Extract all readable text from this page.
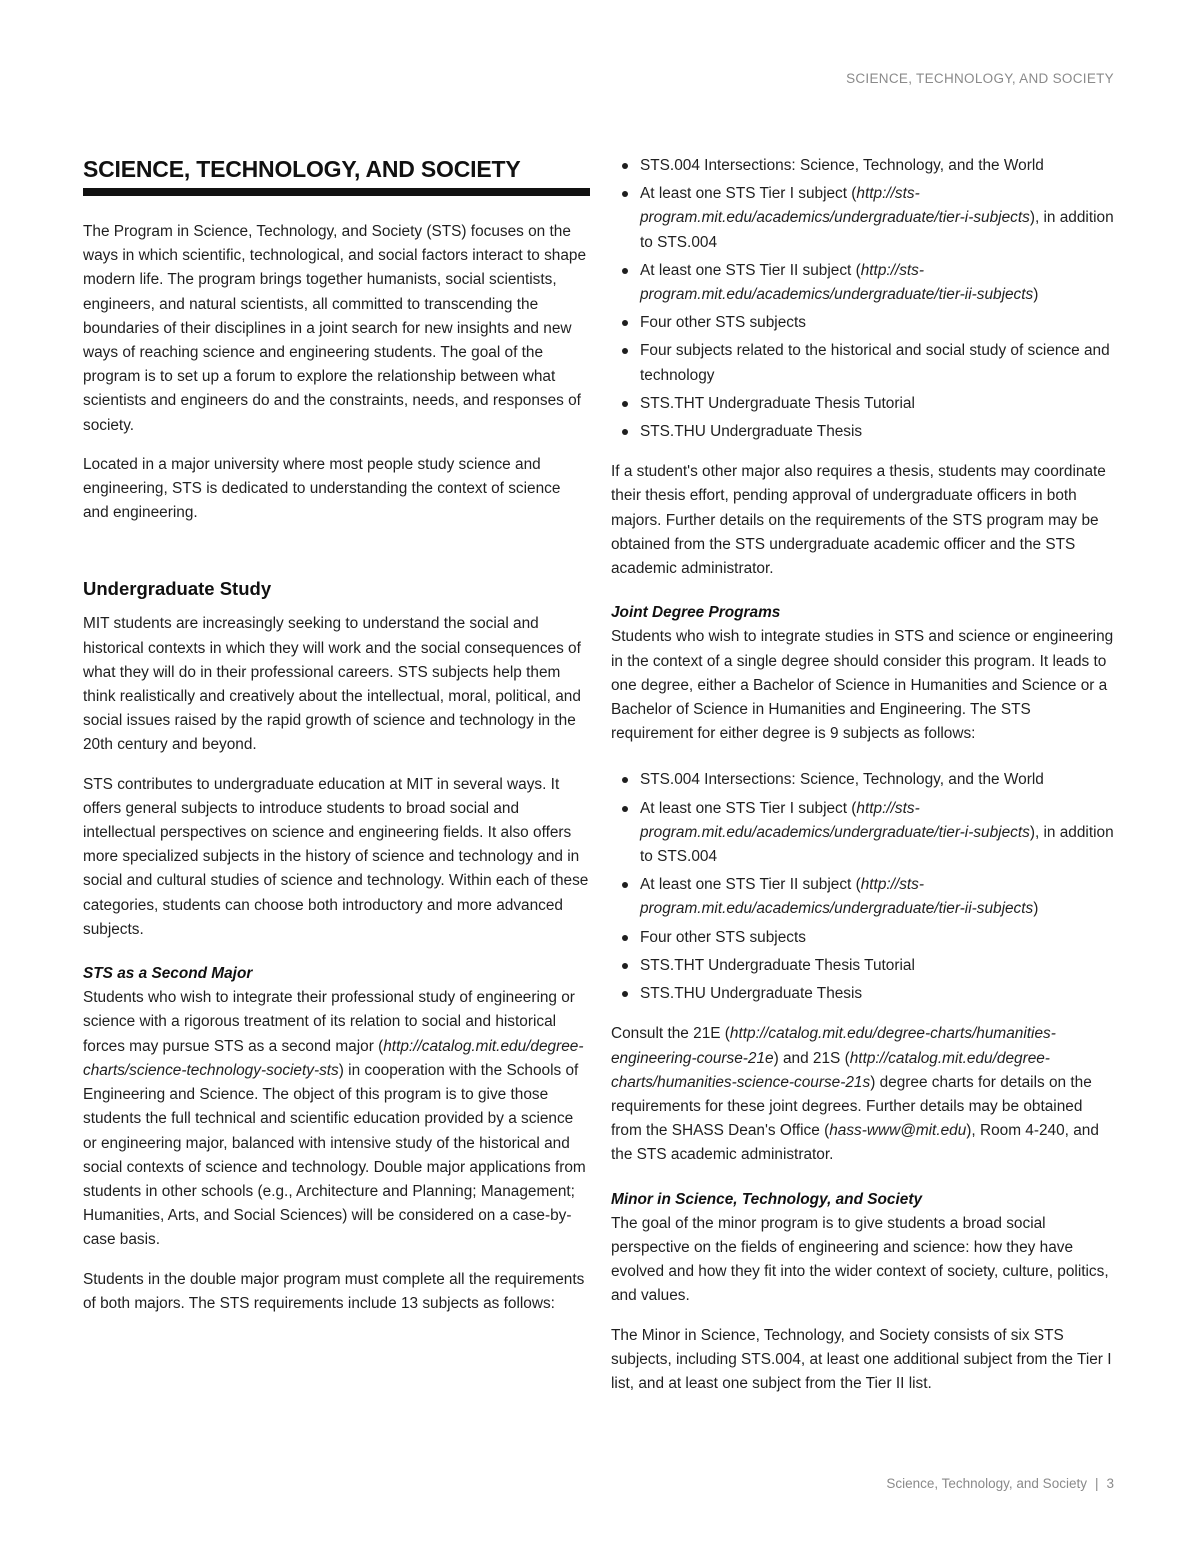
SCIENCE, TECHNOLOGY, AND SOCIETY
SCIENCE, TECHNOLOGY, AND SOCIETY

The Program in Science, Technology, and Society (STS) focuses on the ways in which scientific, technological, and social factors interact to shape modern life. The program brings together humanists, social scientists, engineers, and natural scientists, all committed to transcending the boundaries of their disciplines in a joint search for new insights and new ways of reaching science and engineering students. The goal of the program is to set up a forum to explore the relationship between what scientists and engineers do and the constraints, needs, and responses of society.

Located in a major university where most people study science and engineering, STS is dedicated to understanding the context of science and engineering.

Undergraduate Study

MIT students are increasingly seeking to understand the social and historical contexts in which they will work and the social consequences of what they will do in their professional careers. STS subjects help them think realistically and creatively about the intellectual, moral, political, and social issues raised by the rapid growth of science and technology in the 20th century and beyond.

STS contributes to undergraduate education at MIT in several ways. It offers general subjects to introduce students to broad social and intellectual perspectives on science and engineering fields. It also offers more specialized subjects in the history of science and technology and in social and cultural studies of science and technology. Within each of these categories, students can choose both introductory and more advanced subjects.

STS as a Second Major
Students who wish to integrate their professional study of engineering or science with a rigorous treatment of its relation to social and historical forces may pursue STS as a second major (http://catalog.mit.edu/degree-charts/science-technology-society-sts) in cooperation with the Schools of Engineering and Science. The object of this program is to give those students the full technical and scientific education provided by a science or engineering major, balanced with intensive study of the historical and social contexts of science and technology. Double major applications from students in other schools (e.g., Architecture and Planning; Management; Humanities, Arts, and Social Sciences) will be considered on a case-by-case basis.

Students in the double major program must complete all the requirements of both majors. The STS requirements include 13 subjects as follows:

STS.004 Intersections: Science, Technology, and the World
At least one STS Tier I subject (http://sts-program.mit.edu/academics/undergraduate/tier-i-subjects), in addition to STS.004
At least one STS Tier II subject (http://sts-program.mit.edu/academics/undergraduate/tier-ii-subjects)
Four other STS subjects
Four subjects related to the historical and social study of science and technology
STS.THT Undergraduate Thesis Tutorial
STS.THU Undergraduate Thesis

If a student's other major also requires a thesis, students may coordinate their thesis effort, pending approval of undergraduate officers in both majors. Further details on the requirements of the STS program may be obtained from the STS undergraduate academic officer and the STS academic administrator.

Joint Degree Programs
Students who wish to integrate studies in STS and science or engineering in the context of a single degree should consider this program. It leads to one degree, either a Bachelor of Science in Humanities and Science or a Bachelor of Science in Humanities and Engineering. The STS requirement for either degree is 9 subjects as follows:

STS.004 Intersections: Science, Technology, and the World
At least one STS Tier I subject (http://sts-program.mit.edu/academics/undergraduate/tier-i-subjects), in addition to STS.004
At least one STS Tier II subject (http://sts-program.mit.edu/academics/undergraduate/tier-ii-subjects)
Four other STS subjects
STS.THT Undergraduate Thesis Tutorial
STS.THU Undergraduate Thesis

Consult the 21E (http://catalog.mit.edu/degree-charts/humanities-engineering-course-21e) and 21S (http://catalog.mit.edu/degree-charts/humanities-science-course-21s) degree charts for details on the requirements for these joint degrees. Further details may be obtained from the SHASS Dean's Office (hass-www@mit.edu), Room 4-240, and the STS academic administrator.

Minor in Science, Technology, and Society
The goal of the minor program is to give students a broad social perspective on the fields of engineering and science: how they have evolved and how they fit into the wider context of society, culture, politics, and values.

The Minor in Science, Technology, and Society consists of six STS subjects, including STS.004, at least one additional subject from the Tier I list, and at least one subject from the Tier II list.

Science, Technology, and Society | 3
